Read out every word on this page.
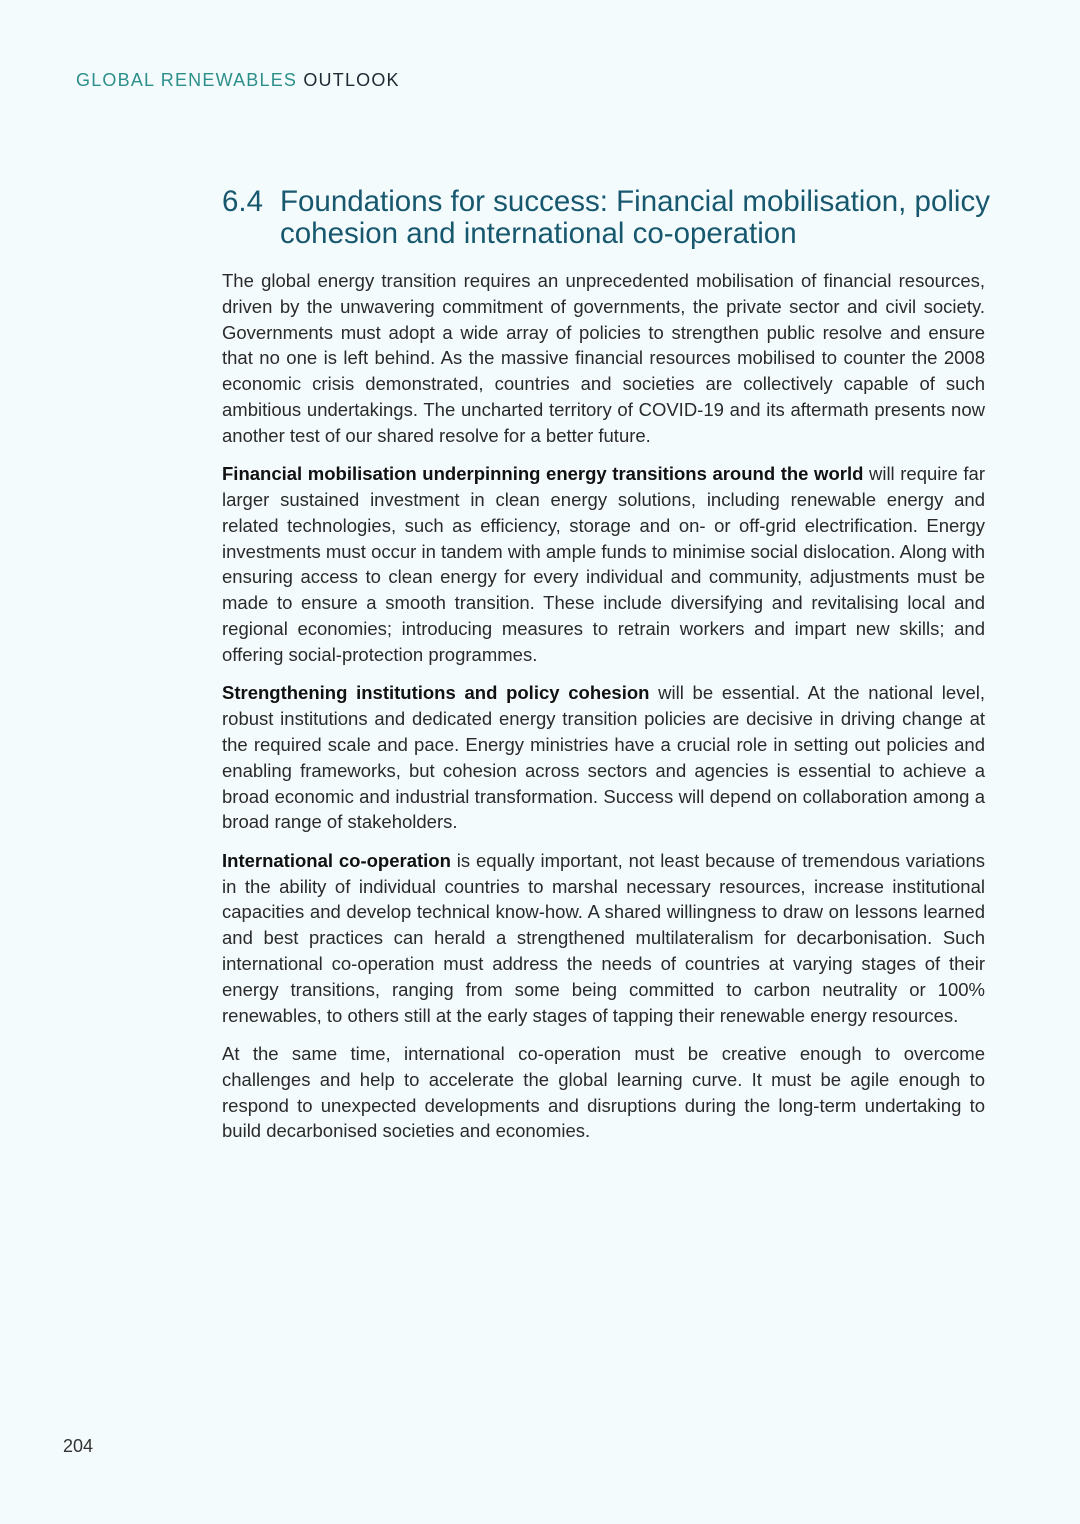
GLOBAL RENEWABLES OUTLOOK
6.4 Foundations for success: Financial mobilisation, policy cohesion and international co-operation

The global energy transition requires an unprecedented mobilisation of financial resources, driven by the unwavering commitment of governments, the private sector and civil society. Governments must adopt a wide array of policies to strengthen public resolve and ensure that no one is left behind. As the massive financial resources mobilised to counter the 2008 economic crisis demonstrated, countries and societies are collectively capable of such ambitious undertakings. The uncharted territory of COVID-19 and its aftermath presents now another test of our shared resolve for a better future.

Financial mobilisation underpinning energy transitions around the world will require far larger sustained investment in clean energy solutions, including renewable energy and related technologies, such as efficiency, storage and on- or off-grid electrification. Energy investments must occur in tandem with ample funds to minimise social dislocation. Along with ensuring access to clean energy for every individual and community, adjustments must be made to ensure a smooth transition. These include diversifying and revitalising local and regional economies; introducing measures to retrain workers and impart new skills; and offering social-protection programmes.

Strengthening institutions and policy cohesion will be essential. At the national level, robust institutions and dedicated energy transition policies are decisive in driving change at the required scale and pace. Energy ministries have a crucial role in setting out policies and enabling frameworks, but cohesion across sectors and agencies is essential to achieve a broad economic and industrial transformation. Success will depend on collaboration among a broad range of stakeholders.

International co-operation is equally important, not least because of tremendous variations in the ability of individual countries to marshal necessary resources, increase institutional capacities and develop technical know-how. A shared willingness to draw on lessons learned and best practices can herald a strengthened multilateralism for decarbonisation. Such international co-operation must address the needs of countries at varying stages of their energy transitions, ranging from some being committed to carbon neutrality or 100% renewables, to others still at the early stages of tapping their renewable energy resources.

At the same time, international co-operation must be creative enough to overcome challenges and help to accelerate the global learning curve. It must be agile enough to respond to unexpected developments and disruptions during the long-term undertaking to build decarbonised societies and economies.

204
